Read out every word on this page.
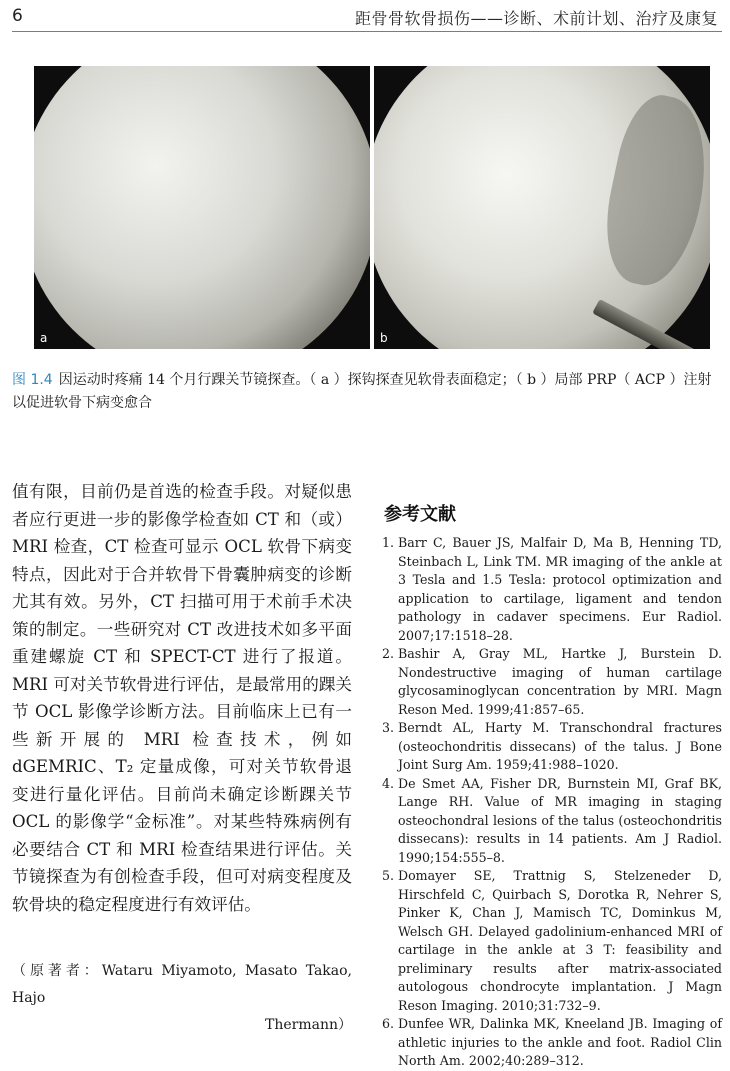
6	距骨骨软骨损伤——诊断、术前计划、治疗及康复
a	b
图 1.4 因运动时疼痛 14 个月行踝关节镜探查。（ a ）探钩探查见软骨表面稳定；（ b ）局部 PRP（ ACP ）注射以促进软骨下病变愈合

值有限，目前仍是首选的检查手段。对疑似患者应行更进一步的影像学检查如 CT 和（或）MRI 检查，CT 检查可显示 OCL 软骨下病变特点，因此对于合并软骨下骨囊肿病变的诊断尤其有效。另外，CT 扫描可用于术前手术决策的制定。一些研究对 CT 改进技术如多平面重建螺旋 CT 和 SPECT-CT 进行了报道。MRI 可对关节软骨进行评估，是最常用的踝关节 OCL 影像学诊断方法。目前临床上已有一些新开展的 MRI 检查技术，例如 dGEMRIC、T₂ 定量成像，可对关节软骨退变进行量化评估。目前尚未确定诊断踝关节 OCL 的影像学“金标准”。对某些特殊病例有必要结合 CT 和 MRI 检查结果进行评估。关节镜探查为有创检查手段，但可对病变程度及软骨块的稳定程度进行有效评估。

（原著者：Wataru Miyamoto, Masato Takao, Hajo
Thermann）
参考文献
1. Barr C, Bauer JS, Malfair D, Ma B, Henning TD, Steinbach L, Link TM. MR imaging of the ankle at 3 Tesla and 1.5 Tesla: protocol optimization and application to cartilage, ligament and tendon pathology in cadaver specimens. Eur Radiol. 2007;17:1518–28.
2. Bashir A, Gray ML, Hartke J, Burstein D. Nondestructive imaging of human cartilage glycosaminoglycan concentration by MRI. Magn Reson Med. 1999;41:857–65.
3. Berndt AL, Harty M. Transchondral fractures (osteochondritis dissecans) of the talus. J Bone Joint Surg Am. 1959;41:988–1020.
4. De Smet AA, Fisher DR, Burnstein MI, Graf BK, Lange RH. Value of MR imaging in staging osteochondral lesions of the talus (osteochondritis dissecans): results in 14 patients. Am J Radiol. 1990;154:555–8.
5. Domayer SE, Trattnig S, Stelzeneder D, Hirschfeld C, Quirbach S, Dorotka R, Nehrer S, Pinker K, Chan J, Mamisch TC, Dominkus M, Welsch GH. Delayed gadolinium-enhanced MRI of cartilage in the ankle at 3 T: feasibility and preliminary results after matrix-associated autologous chondrocyte implantation. J Magn Reson Imaging. 2010;31:732–9.
6. Dunfee WR, Dalinka MK, Kneeland JB. Imaging of athletic injuries to the ankle and foot. Radiol Clin North Am. 2002;40:289–312.
